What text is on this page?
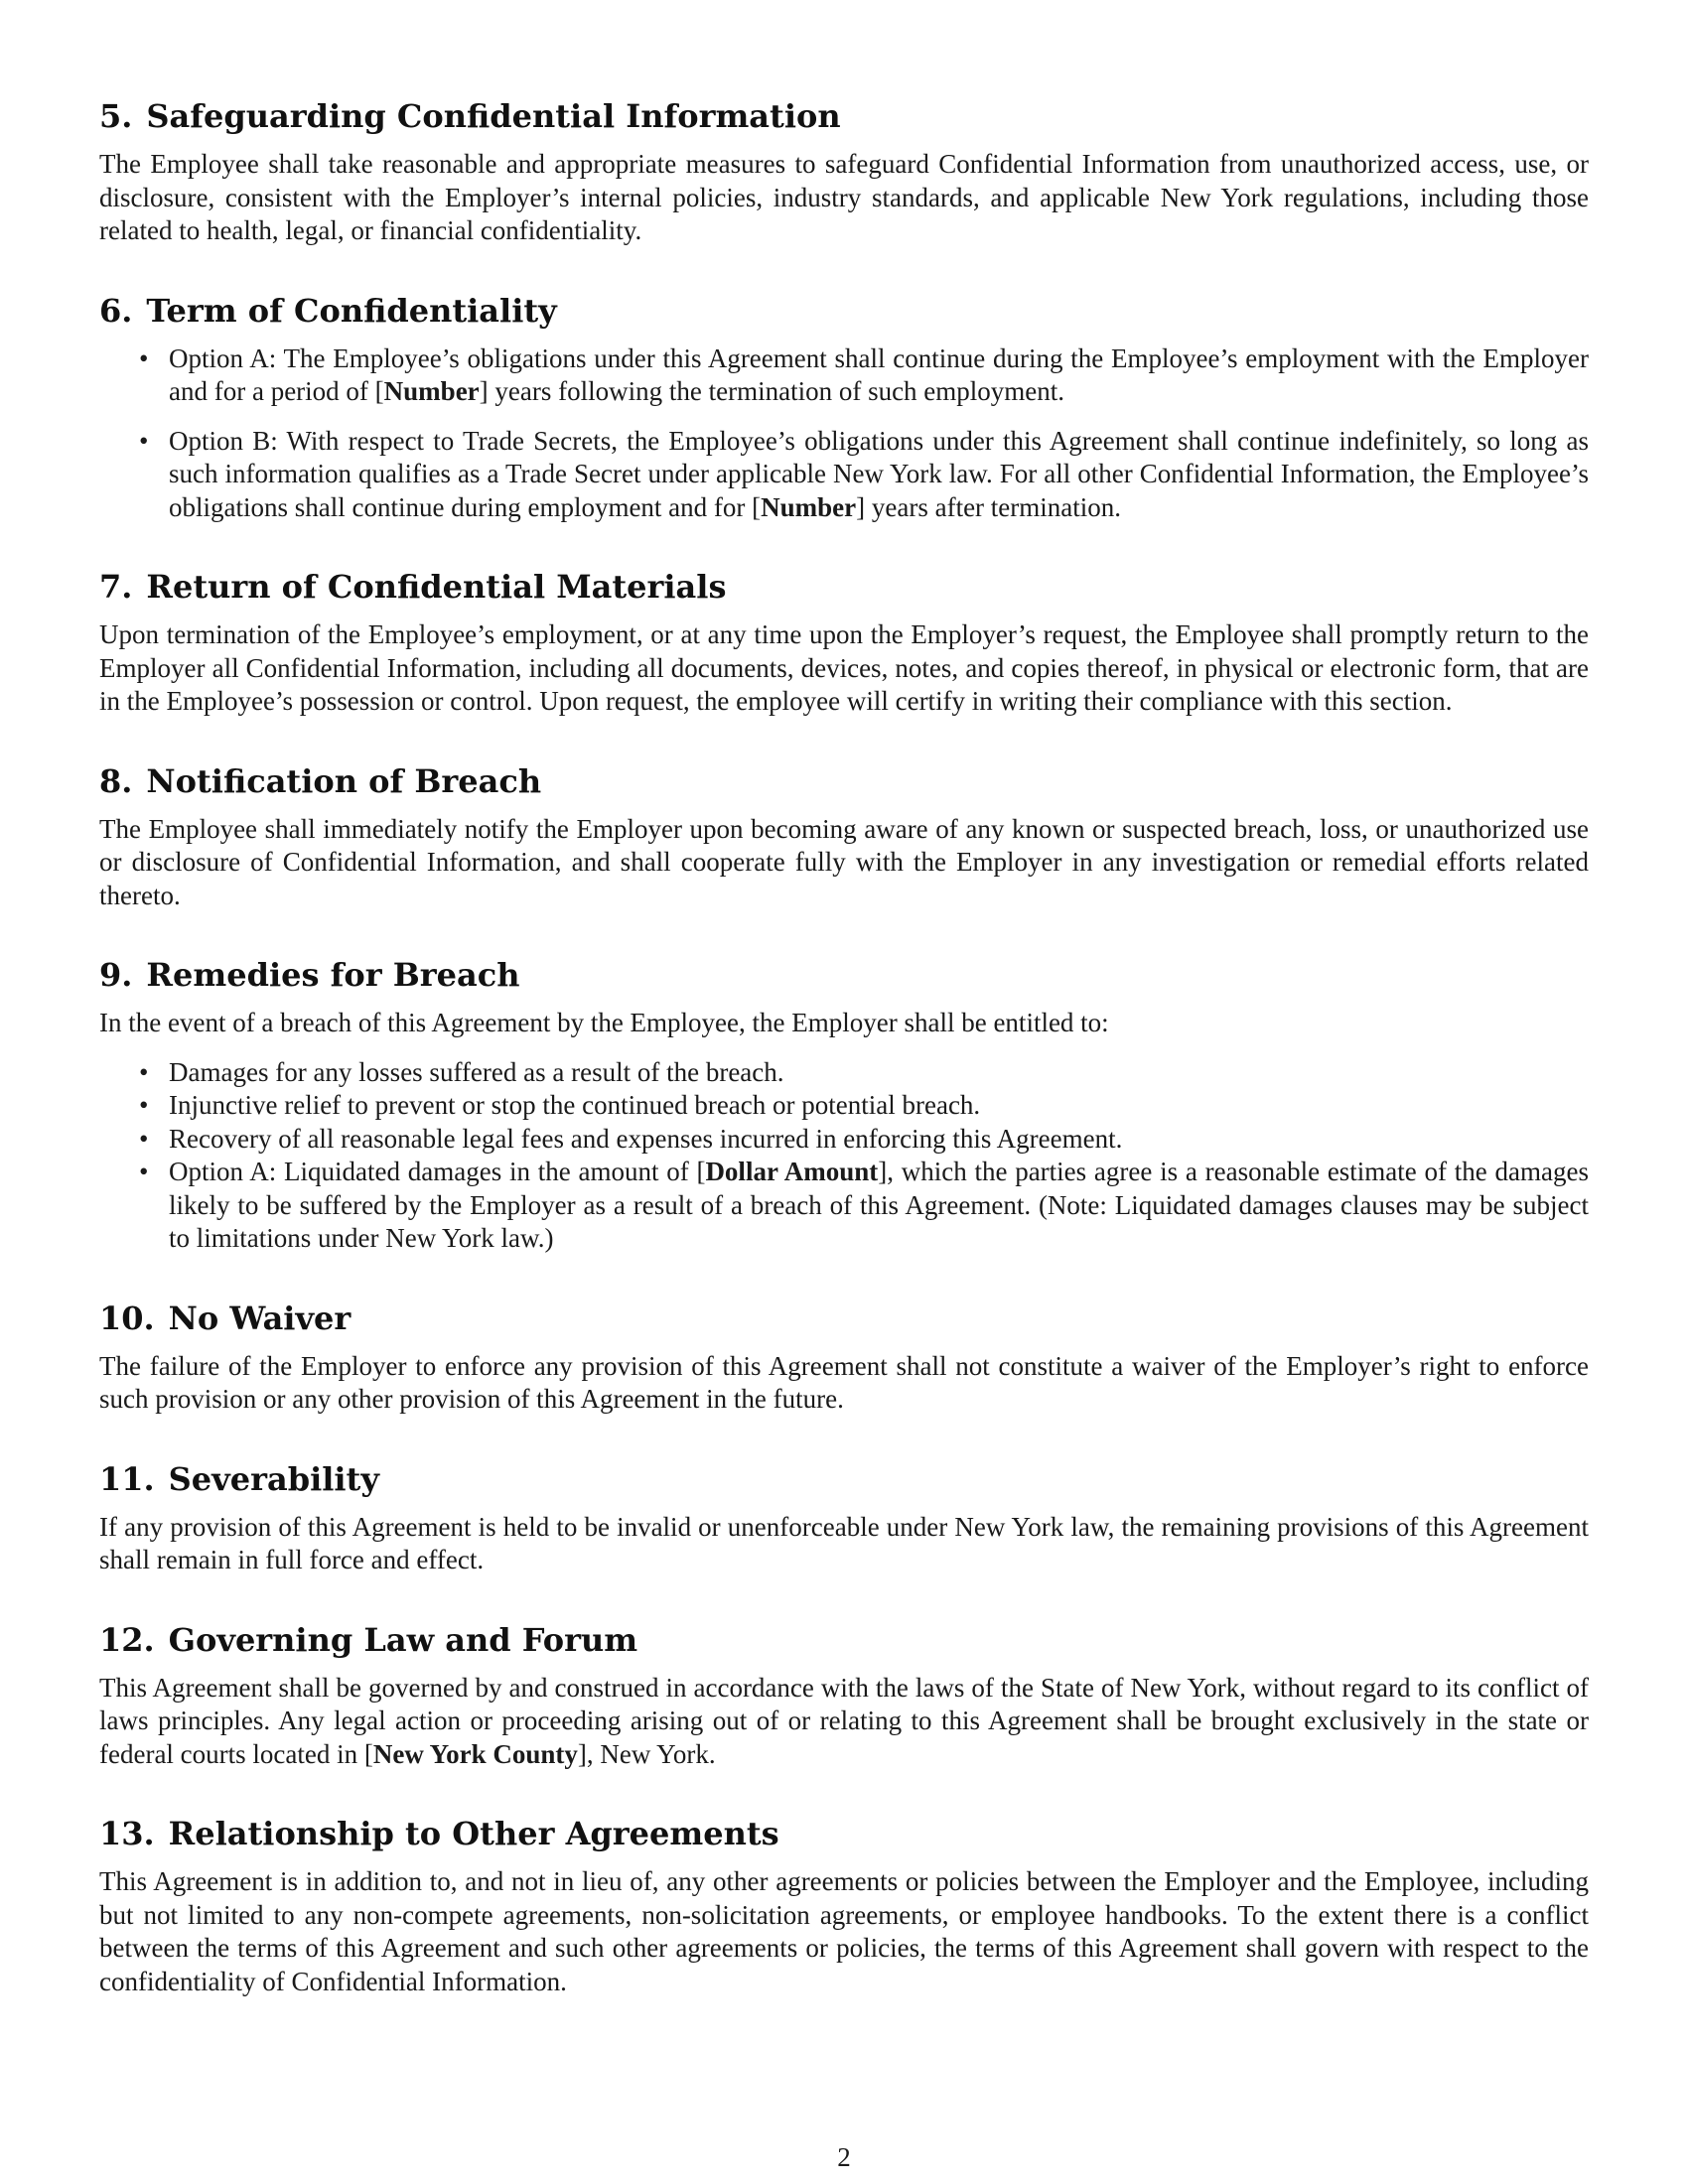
5. Safeguarding Confidential Information

The Employee shall take reasonable and appropriate measures to safeguard Confidential Information from unauthorized access, use, or disclosure, consistent with the Employer’s internal policies, industry standards, and applicable New York regulations, including those related to health, legal, or financial confidentiality.

6. Term of Confidentiality
• Option A: The Employee’s obligations under this Agreement shall continue during the Employee’s employment with the Employer and for a period of [Number] years following the termination of such employment.
• Option B: With respect to Trade Secrets, the Employee’s obligations under this Agreement shall continue indefinitely, so long as such information qualifies as a Trade Secret under applicable New York law. For all other Confidential Information, the Employee’s obligations shall continue during employment and for [Number] years after termination.
7. Return of Confidential Materials

Upon termination of the Employee’s employment, or at any time upon the Employer’s request, the Employee shall promptly return to the Employer all Confidential Information, including all documents, devices, notes, and copies thereof, in physical or electronic form, that are in the Employee’s possession or control. Upon request, the employee will certify in writing their compliance with this section.

8. Notification of Breach

The Employee shall immediately notify the Employer upon becoming aware of any known or suspected breach, loss, or unauthorized use or disclosure of Confidential Information, and shall cooperate fully with the Employer in any investigation or remedial efforts related thereto.

9. Remedies for Breach

In the event of a breach of this Agreement by the Employee, the Employer shall be entitled to:

• Damages for any losses suffered as a result of the breach.
• Injunctive relief to prevent or stop the continued breach or potential breach.
• Recovery of all reasonable legal fees and expenses incurred in enforcing this Agreement.
• Option A: Liquidated damages in the amount of [Dollar Amount], which the parties agree is a reasonable estimate of the damages likely to be suffered by the Employer as a result of a breach of this Agreement. (Note: Liquidated damages clauses may be subject to limitations under New York law.)
10. No Waiver

The failure of the Employer to enforce any provision of this Agreement shall not constitute a waiver of the Employer’s right to enforce such provision or any other provision of this Agreement in the future.

11. Severability

If any provision of this Agreement is held to be invalid or unenforceable under New York law, the remaining provisions of this Agreement shall remain in full force and effect.

12. Governing Law and Forum

This Agreement shall be governed by and construed in accordance with the laws of the State of New York, without regard to its conflict of laws principles. Any legal action or proceeding arising out of or relating to this Agreement shall be brought exclusively in the state or federal courts located in [New York County], New York.

13. Relationship to Other Agreements

This Agreement is in addition to, and not in lieu of, any other agreements or policies between the Employer and the Employee, including but not limited to any non-compete agreements, non-solicitation agreements, or employee handbooks. To the extent there is a conflict between the terms of this Agreement and such other agreements or policies, the terms of this Agreement shall govern with respect to the confidentiality of Confidential Information.

2
